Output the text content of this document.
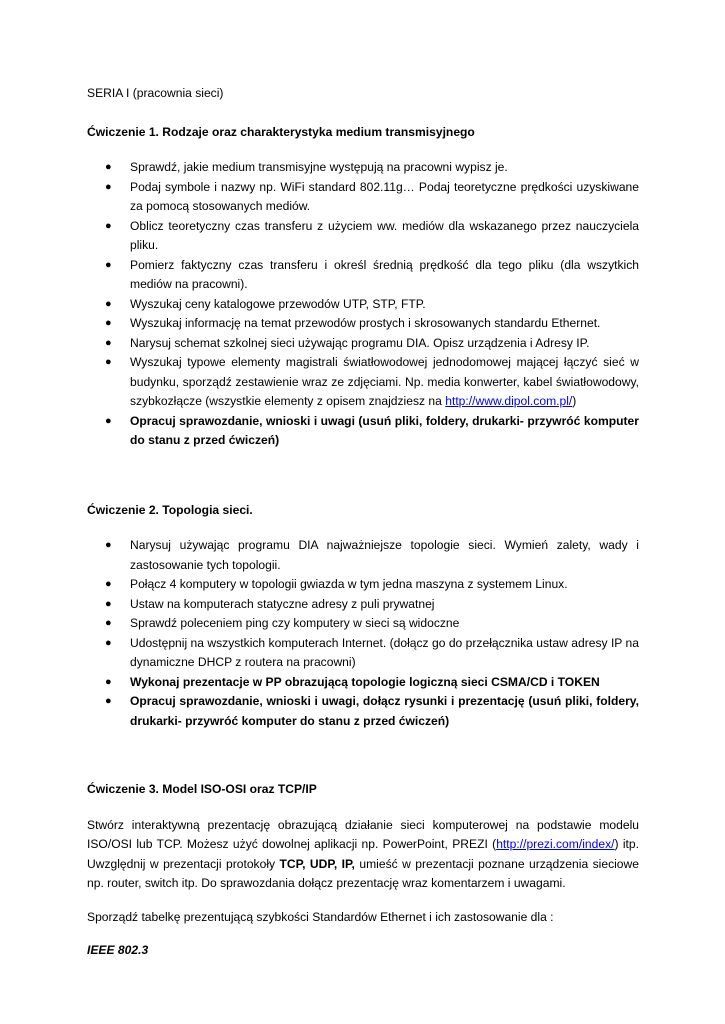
SERIA I (pracownia sieci)

Ćwiczenie 1. Rodzaje oraz charakterystyka medium transmisyjnego

● Sprawdź, jakie medium transmisyjne występują na pracowni wypisz je.
● Podaj symbole i nazwy np. WiFi standard 802.11g… Podaj teoretyczne prędkości uzyskiwane za pomocą stosowanych mediów.
● Oblicz teoretyczny czas transferu z użyciem ww. mediów dla wskazanego przez nauczyciela pliku.
● Pomierz faktyczny czas transferu i określ średnią prędkość dla tego pliku (dla wszytkich mediów na pracowni).
● Wyszukaj ceny katalogowe przewodów UTP, STP, FTP.
● Wyszukaj informację na temat przewodów prostych i skrosowanych standardu Ethernet.
● Narysuj schemat szkolnej sieci używając programu DIA. Opisz urządzenia i Adresy IP.
● Wyszukaj typowe elementy magistrali światłowodowej jednodomowej mającej łączyć sieć w budynku, sporządź zestawienie wraz ze zdjęciami. Np. media konwerter, kabel światłowodowy, szybkozłącze (wszystkie elementy z opisem znajdziesz na http://www.dipol.com.pl/)
● Opracuj sprawozdanie, wnioski i uwagi (usuń pliki, foldery, drukarki- przywróć komputer do stanu z przed ćwiczeń)

Ćwiczenie 2. Topologia sieci.

● Narysuj używając programu DIA najważniejsze topologie sieci. Wymień zalety, wady i zastosowanie tych topologii.
● Połącz 4 komputery w topologii gwiazda w tym jedna maszyna z systemem Linux.
● Ustaw na komputerach statyczne adresy z puli prywatnej
● Sprawdź poleceniem ping czy komputery w sieci są widoczne
● Udostępnij na wszystkich komputerach Internet. (dołącz go do przełącznika ustaw adresy IP na dynamiczne DHCP z routera na pracowni)
● Wykonaj prezentacje w PP obrazującą topologie logiczną sieci CSMA/CD i TOKEN
● Opracuj sprawozdanie, wnioski i uwagi, dołącz rysunki i prezentację (usuń pliki, foldery, drukarki- przywróć komputer do stanu z przed ćwiczeń)

Ćwiczenie 3. Model ISO-OSI oraz TCP/IP

Stwórz interaktywną prezentację obrazującą działanie sieci komputerowej na podstawie modelu ISO/OSI lub TCP. Możesz użyć dowolnej aplikacji np. PowerPoint, PREZI (http://prezi.com/index/) itp. Uwzględnij w prezentacji protokoły TCP, UDP, IP, umieść w prezentacji poznane urządzenia sieciowe np. router, switch itp. Do sprawozdania dołącz prezentację wraz komentarzem i uwagami.

Sporządź tabelkę prezentującą szybkości Standardów Ethernet i ich zastosowanie dla :

IEEE 802.3
